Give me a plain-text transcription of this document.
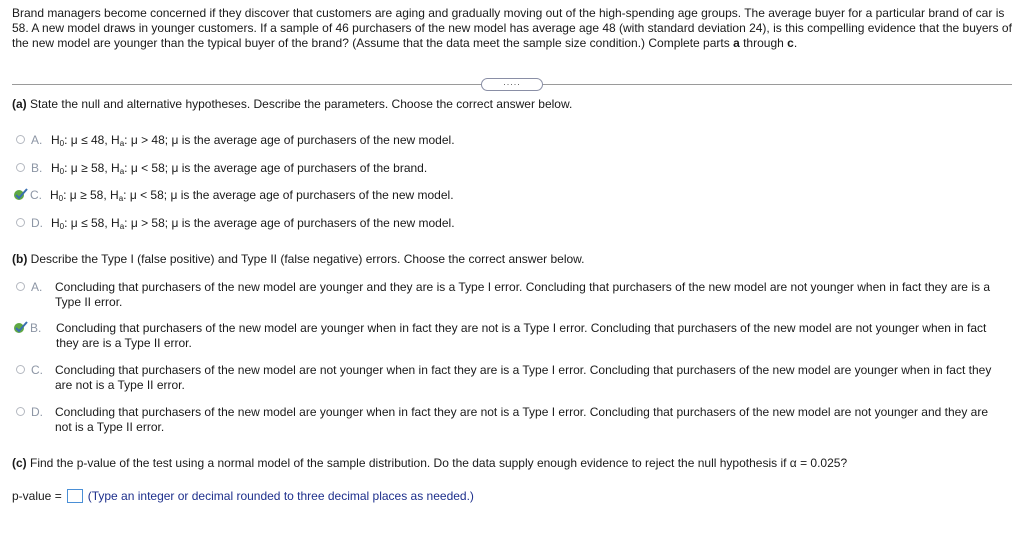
Brand managers become concerned if they discover that customers are aging and gradually moving out of the high-spending age groups. The average buyer for a particular brand of car is 58. A new model draws in younger customers. If a sample of 46 purchasers of the new model has average age 48 (with standard deviation 24), is this compelling evidence that the buyers of the new model are younger than the typical buyer of the brand? (Assume that the data meet the sample size condition.) Complete parts a through c.

.....

(a) State the null and alternative hypotheses. Describe the parameters. Choose the correct answer below.

A. $H_0$: μ ≤ 48, $H_a$: μ > 48; μ is the average age of purchasers of the new model.
B. $H_0$: μ ≥ 58, $H_a$: μ < 58; μ is the average age of purchasers of the brand.
C. $H_0$: μ ≥ 58, $H_a$: μ < 58; μ is the average age of purchasers of the new model.
D. $H_0$: μ ≤ 58, $H_a$: μ > 58; μ is the average age of purchasers of the new model.

(b) Describe the Type I (false positive) and Type II (false negative) errors. Choose the correct answer below.

A.	Concluding that purchasers of the new model are younger and they are is a Type I error. Concluding that purchasers of the new model are not younger when in fact they are is a Type II error.
B.	Concluding that purchasers of the new model are younger when in fact they are not is a Type I error. Concluding that purchasers of the new model are not younger when in fact they are is a Type II error.
C.	Concluding that purchasers of the new model are not younger when in fact they are is a Type I error. Concluding that purchasers of the new model are younger when in fact they are not is a Type II error.
D.	Concluding that purchasers of the new model are younger when in fact they are not is a Type I error. Concluding that purchasers of the new model are not younger and they are not is a Type II error.

(c) Find the p-value of the test using a normal model of the sample distribution. Do the data supply enough evidence to reject the null hypothesis if α = 0.025?

p-value = (Type an integer or decimal rounded to three decimal places as needed.)
